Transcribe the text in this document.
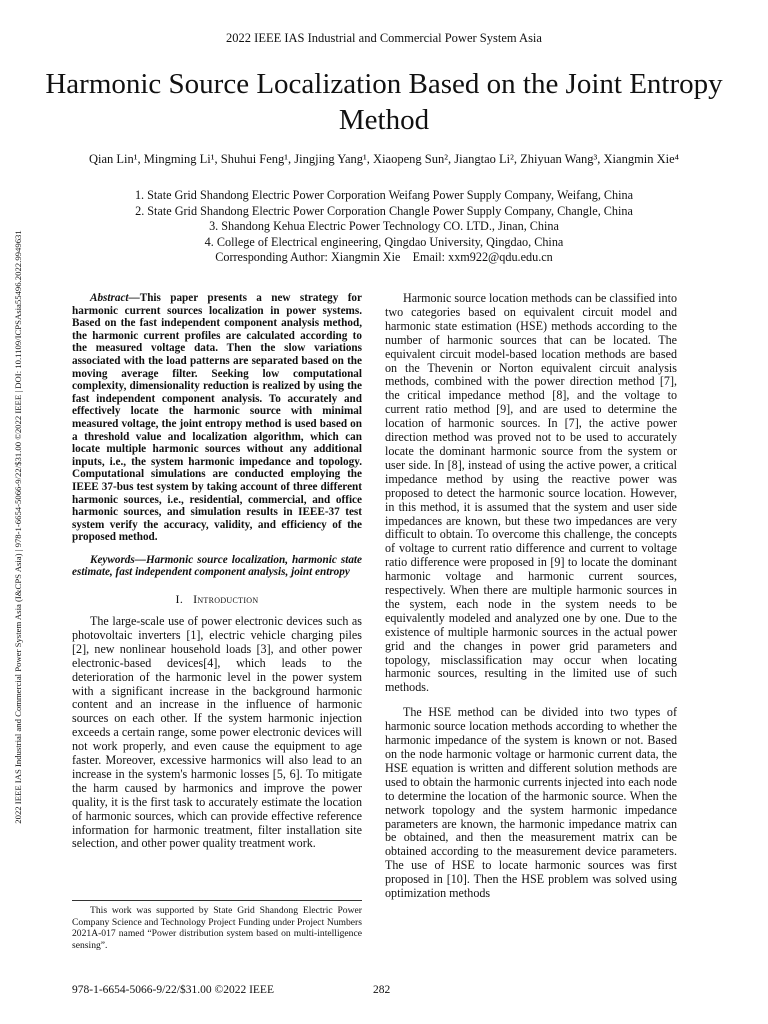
2022 IEEE IAS Industrial and Commercial Power System Asia
Harmonic Source Localization Based on the Joint Entropy Method
Qian Lin¹, Mingming Li¹, Shuhui Feng¹, Jingjing Yang¹, Xiaopeng Sun², Jiangtao Li², Zhiyuan Wang³, Xiangmin Xie⁴
1. State Grid Shandong Electric Power Corporation Weifang Power Supply Company, Weifang, China
2. State Grid Shandong Electric Power Corporation Changle Power Supply Company, Changle, China
3. Shandong Kehua Electric Power Technology CO. LTD., Jinan, China
4. College of Electrical engineering, Qingdao University, Qingdao, China
Corresponding Author: Xiangmin Xie    Email: xxm922@qdu.edu.cn
2022 IEEE IAS Industrial and Commercial Power System Asia (I&CPS Asia) | 978-1-6654-5066-9/22/$31.00 ©2022 IEEE | DOI: 10.1109/ICPSAsia55496.2022.9949631	Abstract—This paper presents a new strategy for harmonic current sources localization in power systems. Based on the fast independent component analysis method, the harmonic current profiles are calculated according to the measured voltage data. Then the slow variations associated with the load patterns are separated based on the moving average filter. Seeking low computational complexity, dimensionality reduction is realized by using the fast independent component analysis. To accurately and effectively locate the harmonic source with minimal measured voltage, the joint entropy method is used based on a threshold value and localization algorithm, which can locate multiple harmonic sources without any additional inputs, i.e., the system harmonic impedance and topology. Computational simulations are conducted employing the IEEE 37-bus test system by taking account of three different harmonic sources, i.e., residential, commercial, and office harmonic sources, and simulation results in IEEE-37 test system verify the accuracy, validity, and efficiency of the proposed method.

Keywords—Harmonic source localization, harmonic state estimate, fast independent component analysis, joint entropy

I. Introduction

The large-scale use of power electronic devices such as photovoltaic inverters [1], electric vehicle charging piles [2], new nonlinear household loads [3], and other power electronic-based devices[4], which leads to the deterioration of the harmonic level in the power system with a significant increase in the background harmonic content and an increase in the influence of harmonic sources on each other. If the system harmonic injection exceeds a certain range, some power electronic devices will not work properly, and even cause the equipment to age faster. Moreover, excessive harmonics will also lead to an increase in the system's harmonic losses [5, 6]. To mitigate the harm caused by harmonics and improve the power quality, it is the first task to accurately estimate the location of harmonic sources, which can provide effective reference information for harmonic treatment, filter installation site selection, and other power quality treatment work.

Harmonic source location methods can be classified into two categories based on equivalent circuit model and harmonic state estimation (HSE) methods according to the number of harmonic sources that can be located. The equivalent circuit model-based location methods are based on the Thevenin or Norton equivalent circuit analysis methods, combined with the power direction method [7], the critical impedance method [8], and the voltage to current ratio method [9], and are used to determine the location of harmonic sources. In [7], the active power direction method was proved not to be used to accurately locate the dominant harmonic source from the system or user side. In [8], instead of using the active power, a critical impedance method by using the reactive power was proposed to detect the harmonic source location. However, in this method, it is assumed that the system and user side impedances are known, but these two impedances are very difficult to obtain. To overcome this challenge, the concepts of voltage to current ratio difference and current to voltage ratio difference were proposed in [9] to locate the dominant harmonic voltage and harmonic current sources, respectively. When there are multiple harmonic sources in the system, each node in the system needs to be equivalently modeled and analyzed one by one. Due to the existence of multiple harmonic sources in the actual power grid and the changes in power grid parameters and topology, misclassification may occur when locating harmonic sources, resulting in the limited use of such methods.

The HSE method can be divided into two types of harmonic source location methods according to whether the harmonic impedance of the system is known or not. Based on the node harmonic voltage or harmonic current data, the HSE equation is written and different solution methods are used to obtain the harmonic currents injected into each node to determine the location of the harmonic source. When the network topology and the system harmonic impedance parameters are known, the harmonic impedance matrix can be obtained, and then the measurement matrix can be obtained according to the measurement device parameters. The use of HSE to locate harmonic sources was first proposed in [10]. Then the HSE problem was solved using optimization methods

This work was supported by State Grid Shandong Electric Power Company Science and Technology Project Funding under Project Numbers 2021A-017 named “Power distribution system based on multi-intelligence sensing”.
978-1-6654-5066-9/22/$31.00 ©2022 IEEE	282
